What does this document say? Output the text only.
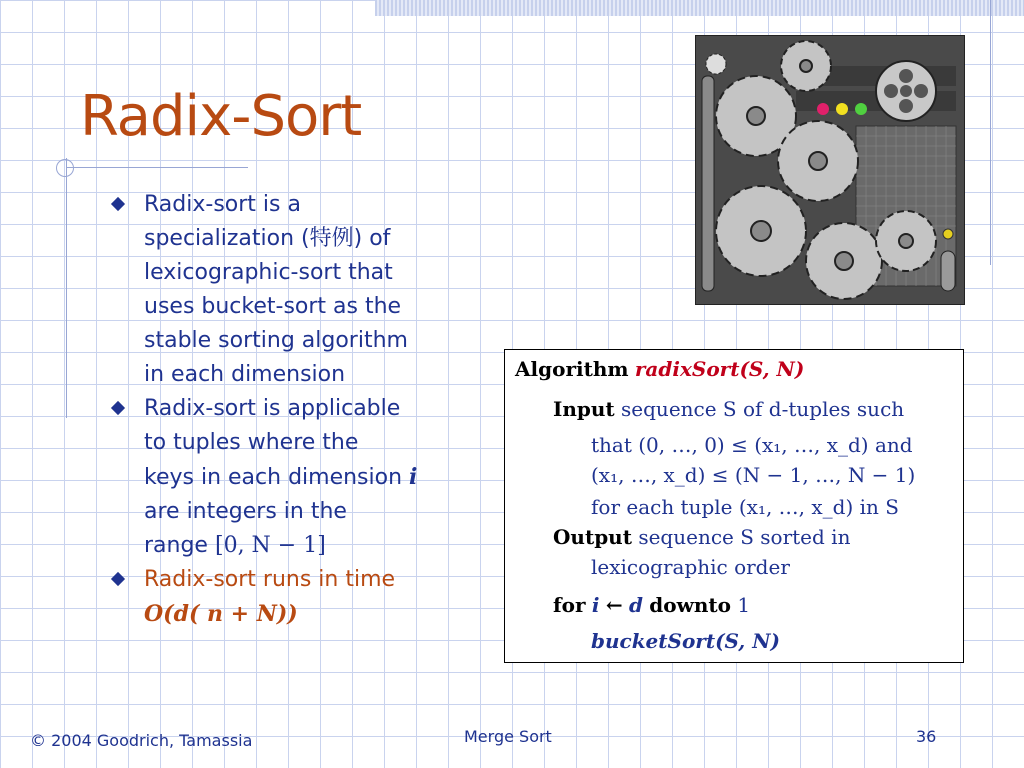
Radix-Sort
Radix-sort is a
specialization (特例) of
lexicographic-sort that
uses bucket-sort as the
stable sorting algorithm
in each dimension
Radix-sort is applicable
to tuples where the
keys in each dimension i
are integers in the
range [0, N − 1]
Radix-sort runs in time
O(d( n + N))
Algorithm radixSort(S, N)
Input sequence S of d-tuples such
that (0, …, 0) ≤ (x₁, …, x_d) and
(x₁, …, x_d) ≤ (N − 1, …, N − 1)
for each tuple (x₁, …, x_d) in S
Output sequence S sorted in
lexicographic order
for i ← d downto 1
bucketSort(S, N)
© 2004 Goodrich, Tamassia	Merge Sort	36
